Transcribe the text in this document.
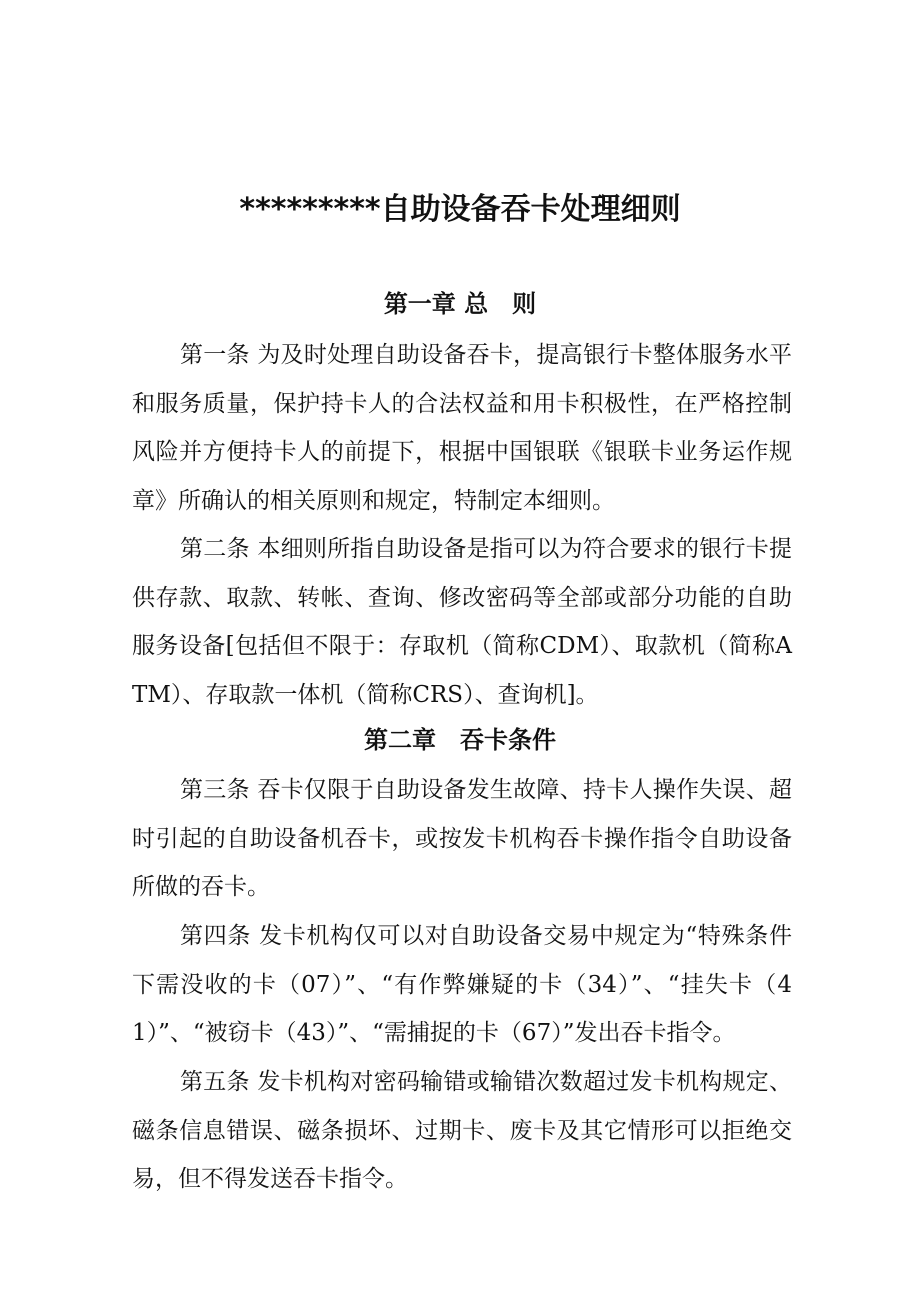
*********自助设备吞卡处理细则
第一章 总　则

第一条 为及时处理自助设备吞卡，提高银行卡整体服务水平和服务质量，保护持卡人的合法权益和用卡积极性，在严格控制风险并方便持卡人的前提下，根据中国银联《银联卡业务运作规章》所确认的相关原则和规定，特制定本细则。

第二条 本细则所指自助设备是指可以为符合要求的银行卡提供存款、取款、转帐、查询、修改密码等全部或部分功能的自助服务设备[包括但不限于：存取机（简称CDM）、取款机（简称ATM）、存取款一体机（简称CRS）、查询机]。

第二章　吞卡条件

第三条 吞卡仅限于自助设备发生故障、持卡人操作失误、超时引起的自助设备机吞卡，或按发卡机构吞卡操作指令自助设备所做的吞卡。

第四条 发卡机构仅可以对自助设备交易中规定为“特殊条件下需没收的卡（07）”、“有作弊嫌疑的卡（34）”、“挂失卡（41）”、“被窃卡（43）”、“需捕捉的卡（67）”发出吞卡指令。

第五条 发卡机构对密码输错或输错次数超过发卡机构规定、磁条信息错误、磁条损坏、过期卡、废卡及其它情形可以拒绝交易，但不得发送吞卡指令。
